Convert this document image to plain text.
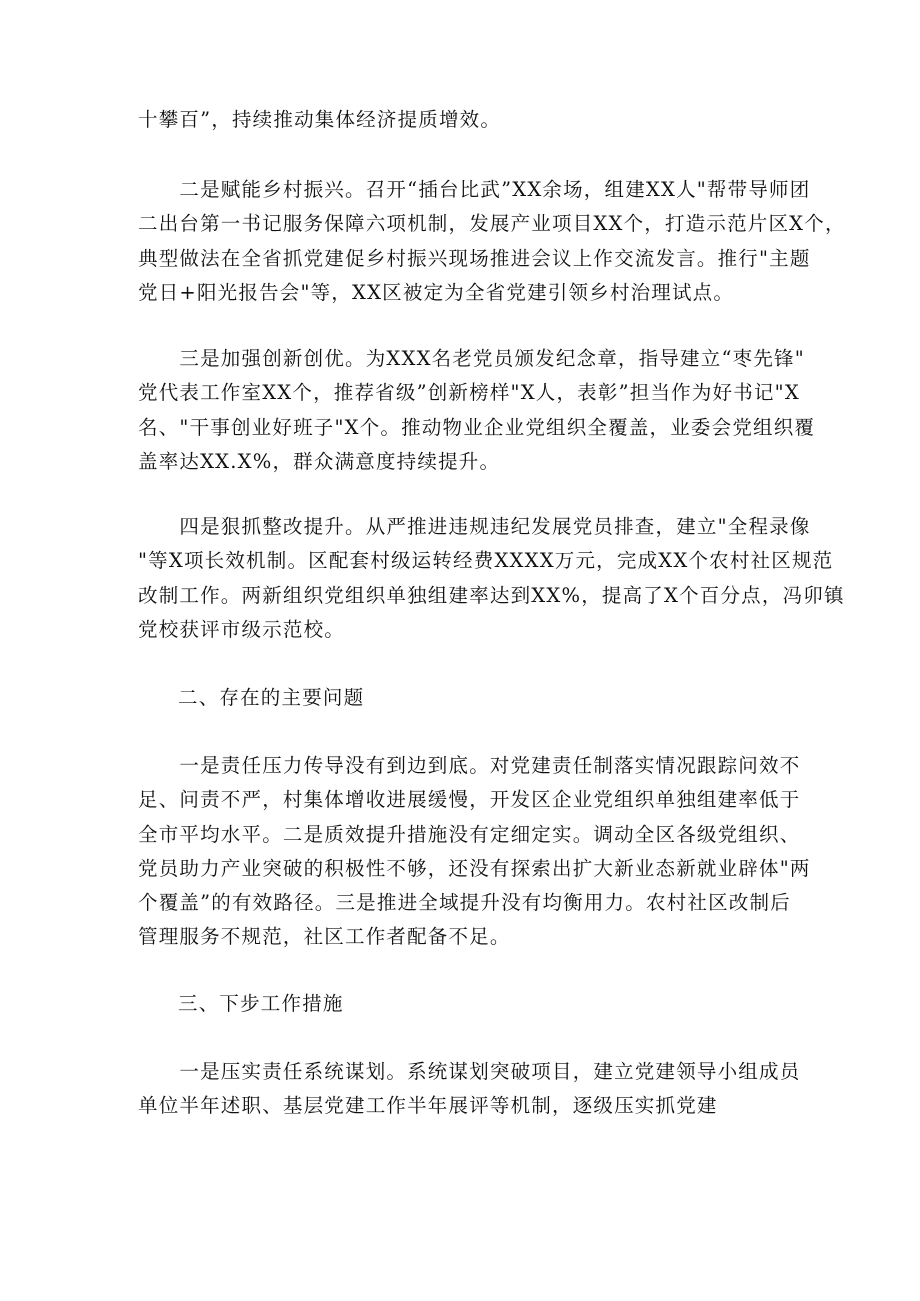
十攀百”，持续推动集体经济提质增效。

　　二是赋能乡村振兴。召开“插台比武”XX余场，组建XX人"帮带导师团
二出台第一书记服务保障六项机制，发展产业项目XX个，打造示范片区X个，
典型做法在全省抓党建促乡村振兴现场推进会议上作交流发言。推行"主题
党日+阳光报告会"等，XX区被定为全省党建引领乡村治理试点。

　　三是加强创新创优。为XXX名老党员颁发纪念章，指导建立“枣先锋"
党代表工作室XX个，推荐省级”创新榜样"X人，表彰”担当作为好书记"X
名、"干事创业好班子"X个。推动物业企业党组织全覆盖，业委会党组织覆
盖率达XX.X%，群众满意度持续提升。

　　四是狠抓整改提升。从严推进违规违纪发展党员排查，建立"全程录像
"等X项长效机制。区配套村级运转经费XXXX万元，完成XX个农村社区规范
改制工作。两新组织党组织单独组建率达到XX%，提高了X个百分点，冯卯镇
党校获评市级示范校。

二、存在的主要问题

　　一是责任压力传导没有到边到底。对党建责任制落实情况跟踪问效不
足、问责不严，村集体增收进展缓慢，开发区企业党组织单独组建率低于
全市平均水平。二是质效提升措施没有定细定实。调动全区各级党组织、
党员助力产业突破的积极性不够，还没有探索出扩大新业态新就业辟体"两
个覆盖”的有效路径。三是推进全域提升没有均衡用力。农村社区改制后
管理服务不规范，社区工作者配备不足。

三、下步工作措施

　　一是压实责任系统谋划。系统谋划突破项目，建立党建领导小组成员
单位半年述职、基层党建工作半年展评等机制，逐级压实抓党建
